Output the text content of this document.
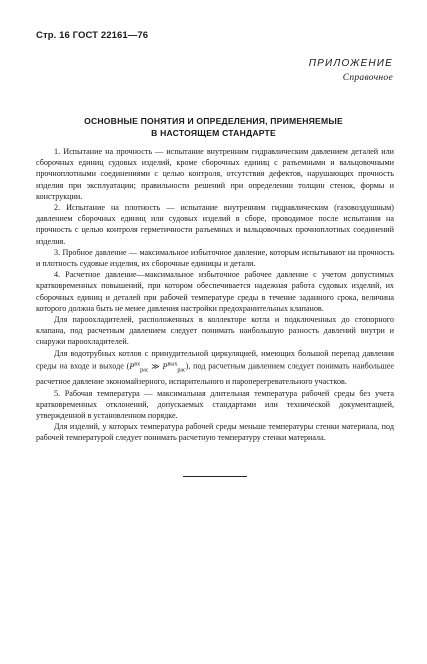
Стр. 16 ГОСТ 22161—76
ПРИЛОЖЕНИЕ
Справочное
ОСНОВНЫЕ ПОНЯТИЯ И ОПРЕДЕЛЕНИЯ, ПРИМЕНЯЕМЫЕ
В НАСТОЯЩЕМ СТАНДАРТЕ

1. Испытание на прочность — испытание внутренним гидравлическим давлением деталей или сборочных единиц судовых изделий, кроме сборочных единиц с разъемными и вальцовочными прочноплотными соединениями с целью контроля, отсутствия дефектов, нарушающих прочность изделия при эксплуатации; правильности решений при определении толщин стенок, формы и конструкции.

2. Испытание на плотность — испытание внутренним гидравлическим (газовоздушным) давлением сборочных единиц или судовых изделий в сборе, проводимое после испытания на прочность с целью контроля герметичности разъемных и вальцовочных прочноплотных соединений изделия.

3. Пробное давление — максимальное избыточное давление, которым испытывают на прочность и плотность судовые изделия, их сборочные единицы и детали.

4. Расчетное давление—максимальное избыточное рабочее давление с учетом допустимых кратковременных повышений, при котором обеспечивается надежная работа судовых изделий, их сборочных единиц и деталей при рабочей температуре среды в течение заданного срока, величина которого должна быть не менее давления настройки предохранительных клапанов.

Для пароохладителей, расположенных в коллекторе котла и подключенных до стопорного клапана, под расчетным давлением следует понимать наибольшую разность давлений внутри и снаружи пароохладителей.

Для водотрубных котлов с принудительной циркуляцией, имеющих большой перепад давления среды на входе и выходе ($P^{вх}_{рас}$ ≫ $P^{вых}_{рас}$), под расчетным давлением следует понимать наибольшее расчетное давление экономайзерного, испарительного и пароперегревательного участков.

5. Рабочая температура — максимальная длительная температура рабочей среды без учета кратковременных отклонений, допускаемых стандартами или технической документацией, утвержденной в установленном порядке.

Для изделий, у которых температура рабочей среды меньше температуры стенки материала, под рабочей температурой следует понимать расчетную температуру стенки материала.
